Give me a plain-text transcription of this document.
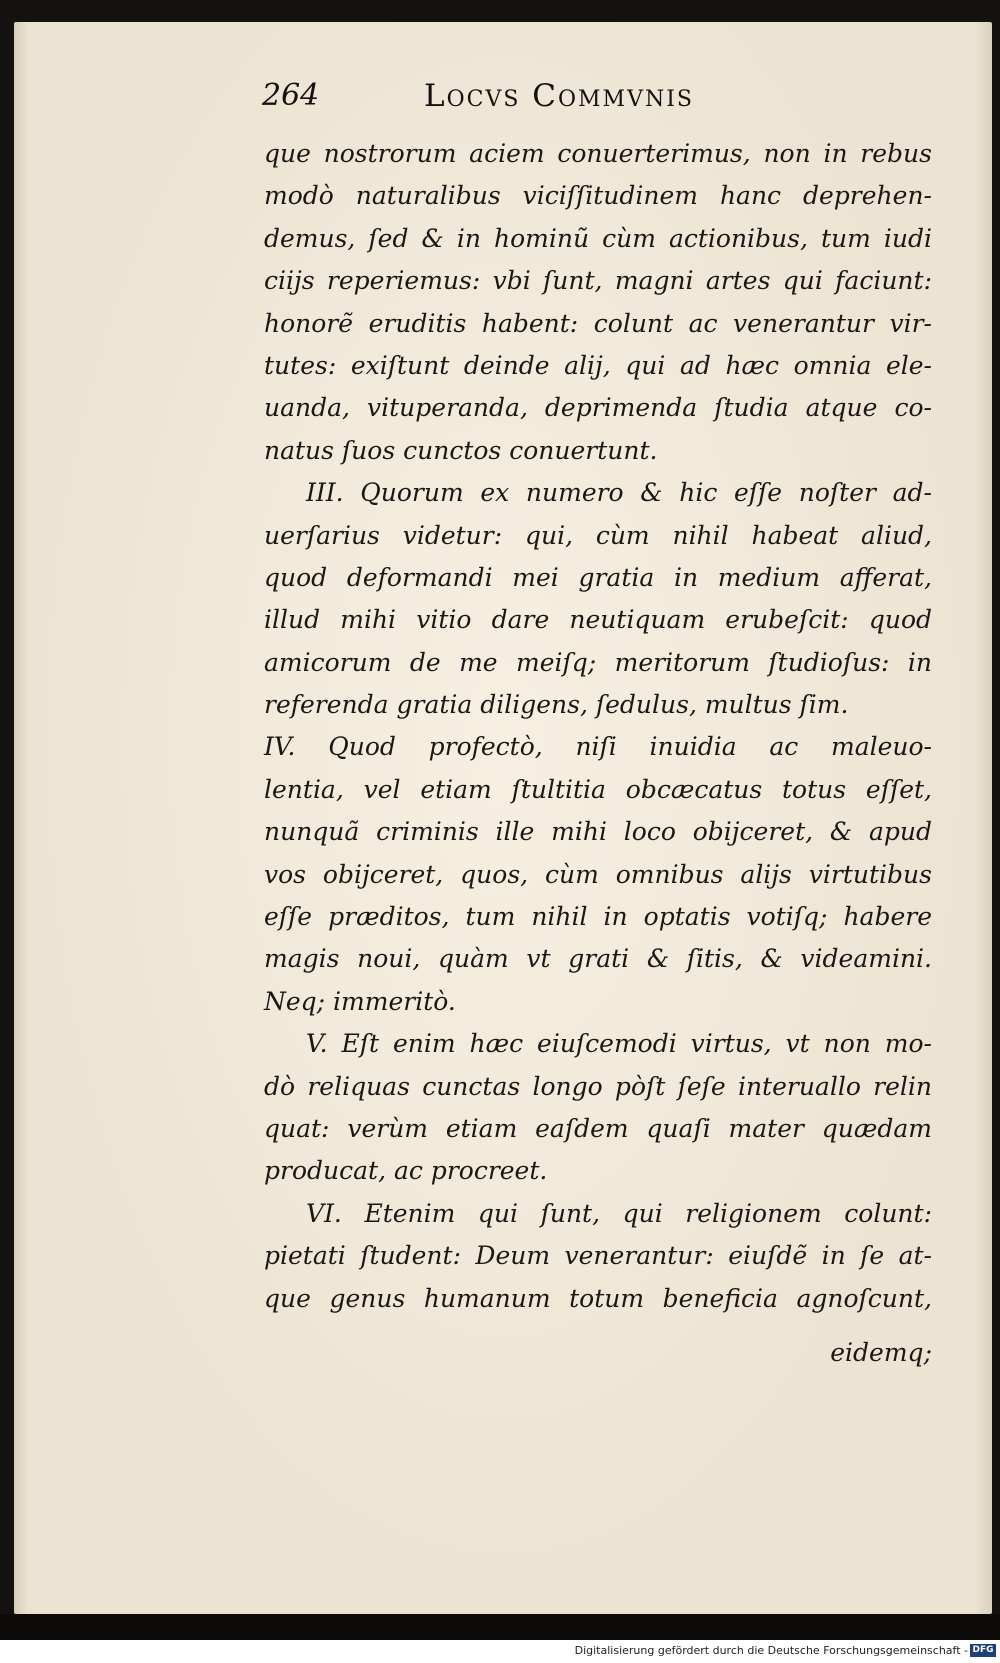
264	Locvs Commvnis
que nostrorum aciem conuerterimus, non in rebus
modò naturalibus viciſſitudinem hanc deprehen-
demus, ſed & in hominũ cùm actionibus, tum iudi
ciijs reperiemus: vbi ſunt, magni artes qui faciunt:
honorẽ eruditis habent: colunt ac venerantur vir-
tutes: exiſtunt deinde alij, qui ad hæc omnia ele-
uanda, vituperanda, deprimenda ſtudia atque co-
natus ſuos cunctos conuertunt.
III. Quorum ex numero & hic eſſe noſter ad-
uerſarius videtur: qui, cùm nihil habeat aliud,
quod deformandi mei gratia in medium afferat,
illud mihi vitio dare neutiquam erubeſcit: quod
amicorum de me meiſq; meritorum ſtudioſus: in
referenda gratia diligens, ſedulus, multus ſim.
IV. Quod profectò, niſi inuidia ac maleuo-
lentia, vel etiam ſtultitia obcæcatus totus eſſet,
nunquã criminis ille mihi loco obijceret, & apud
vos obijceret, quos, cùm omnibus alijs virtutibus
eſſe præditos, tum nihil in optatis votiſq; habere
magis noui, quàm vt grati & ſitis, & videamini.
Neq; immeritò.
V. Eſt enim hæc eiuſcemodi virtus, vt non mo-
dò reliquas cunctas longo pòſt ſeſe interuallo relin
quat: verùm etiam eaſdem quaſi mater quædam
producat, ac procreet.
VI. Etenim qui ſunt, qui religionem colunt:
pietati ſtudent: Deum venerantur: eiuſdẽ in ſe at-
que genus humanum totum beneficia agnoſcunt,
eidemq;
Digitalisierung gefördert durch die Deutsche Forschungsgemeinschaft - DFG
